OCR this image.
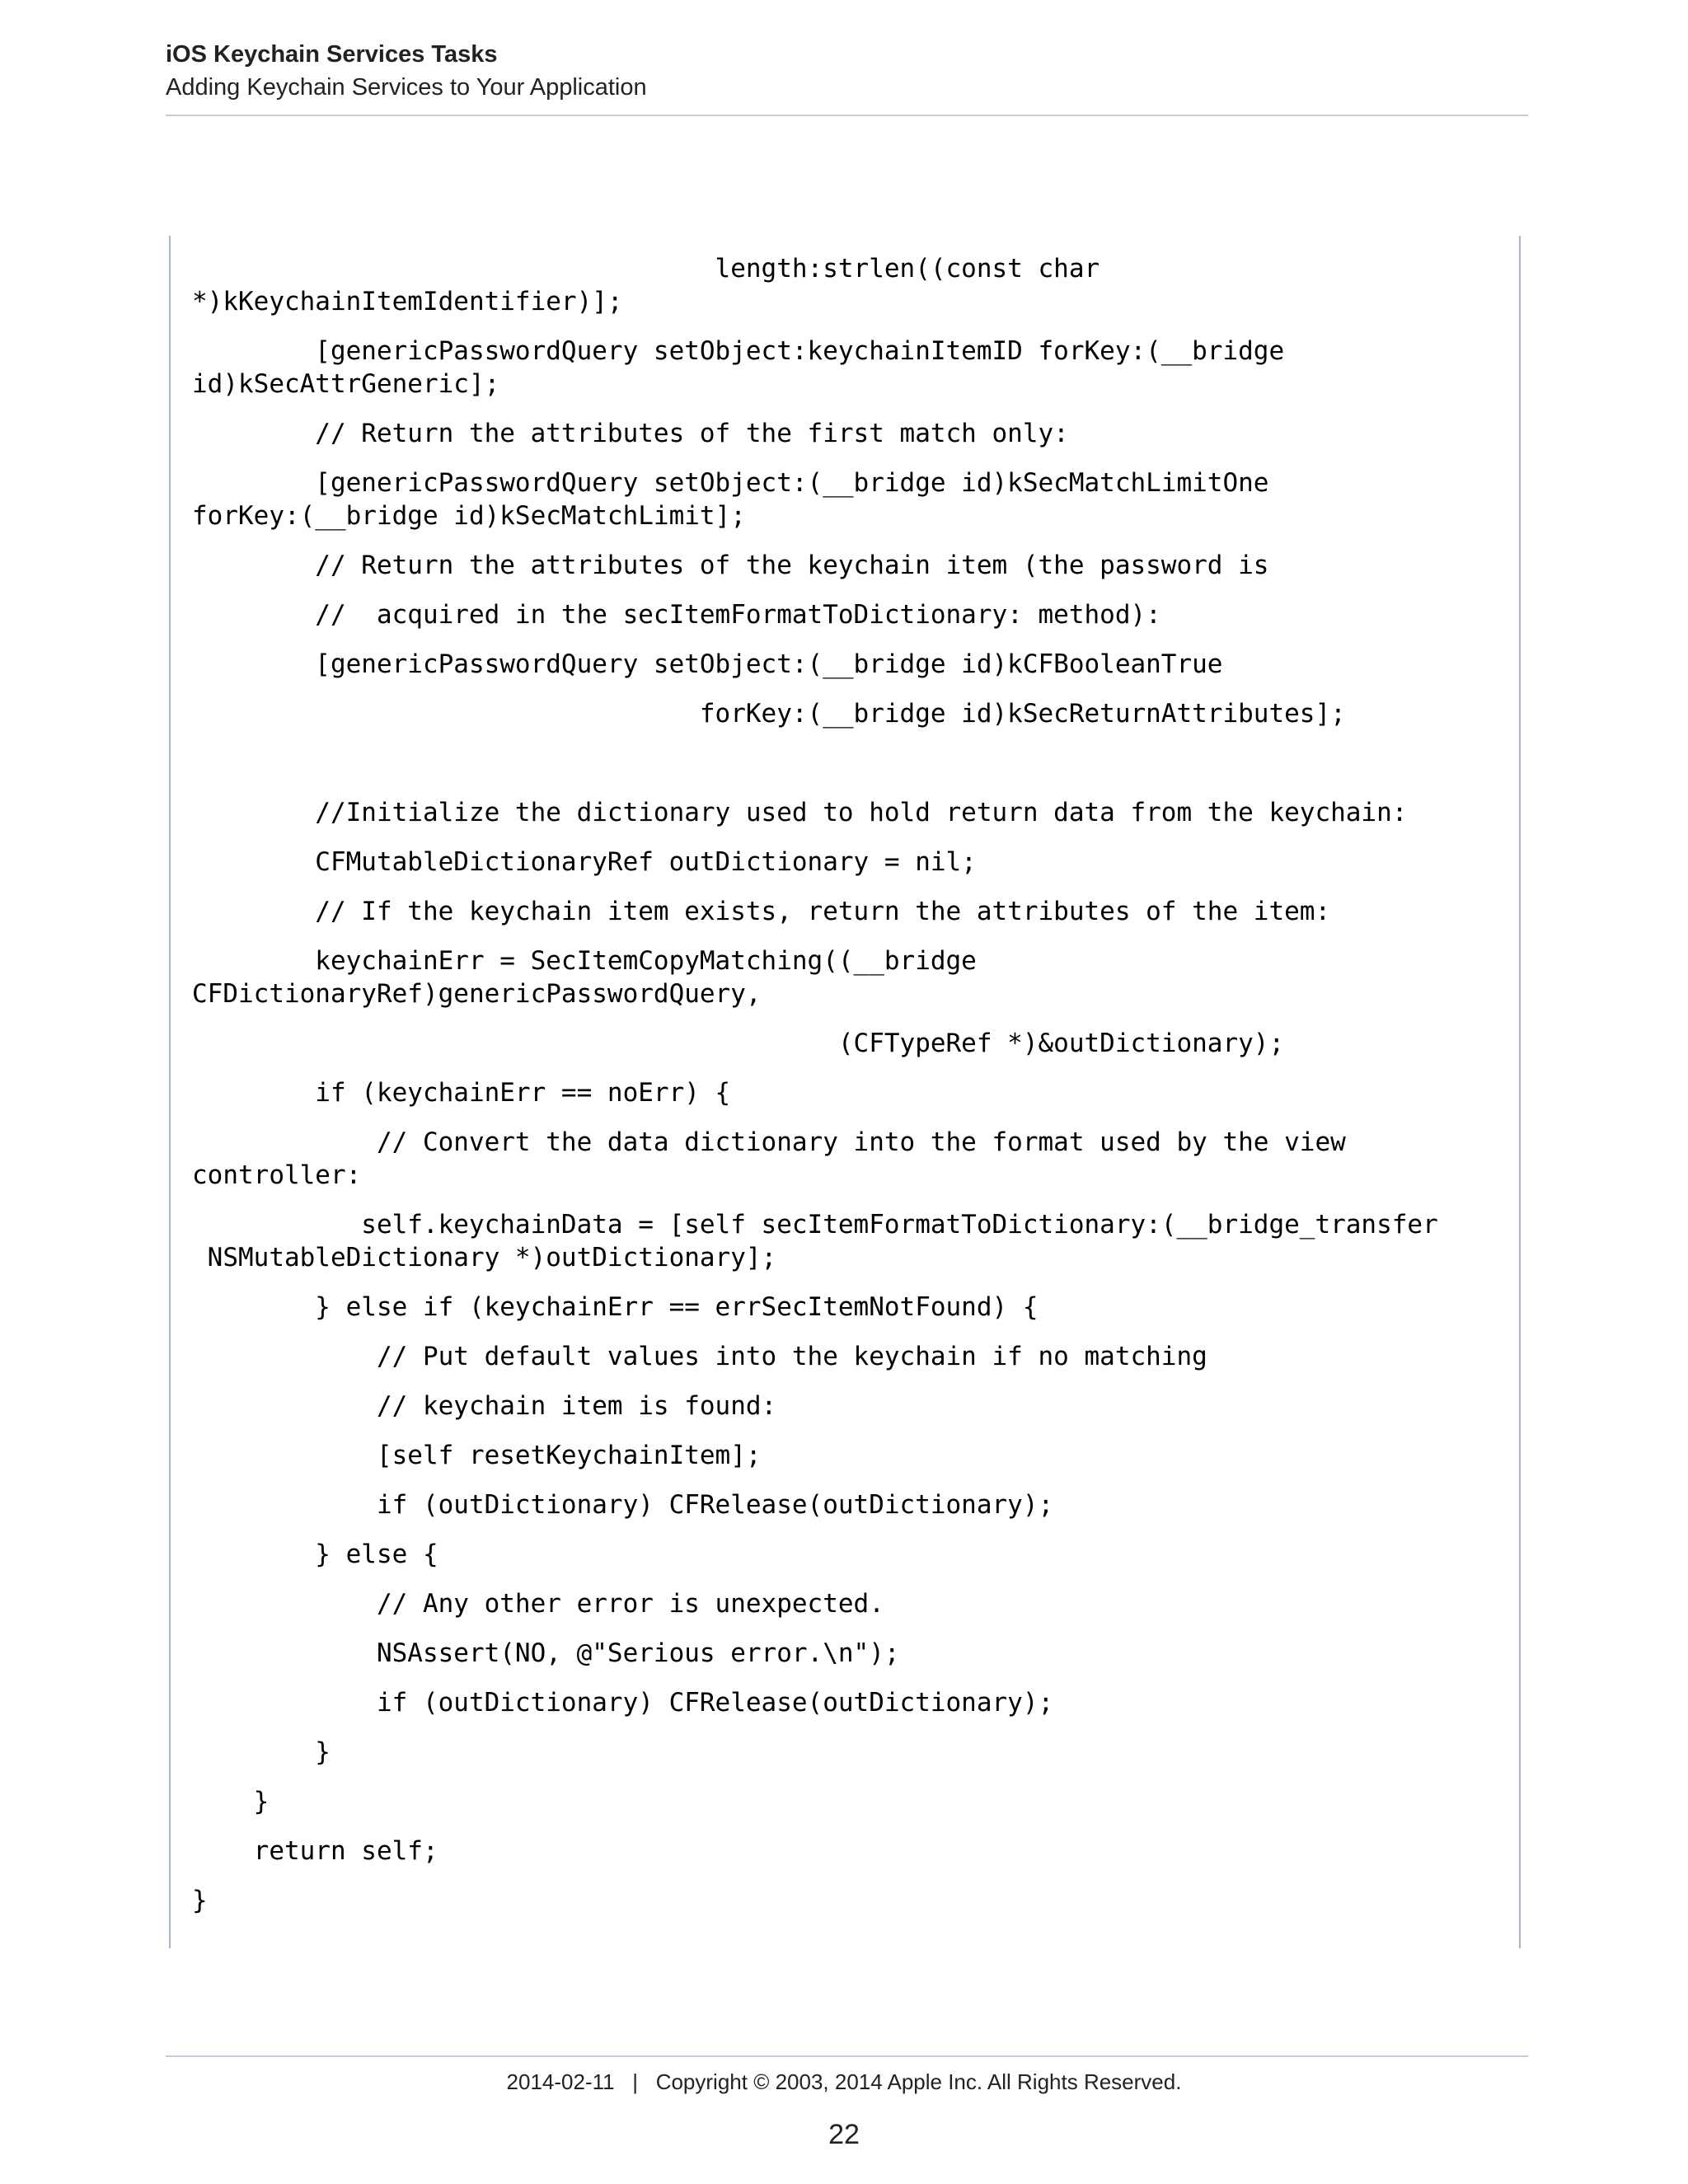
iOS Keychain Services Tasks
Adding Keychain Services to Your Application
length:strlen((const char
*)kKeychainItemIdentifier)];
[genericPasswordQuery setObject:keychainItemID forKey:(__bridge
id)kSecAttrGeneric];
// Return the attributes of the first match only:
[genericPasswordQuery setObject:(__bridge id)kSecMatchLimitOne
forKey:(__bridge id)kSecMatchLimit];
// Return the attributes of the keychain item (the password is
//  acquired in the secItemFormatToDictionary: method):
[genericPasswordQuery setObject:(__bridge id)kCFBooleanTrue
forKey:(__bridge id)kSecReturnAttributes];
//Initialize the dictionary used to hold return data from the keychain:
CFMutableDictionaryRef outDictionary = nil;
// If the keychain item exists, return the attributes of the item:
keychainErr = SecItemCopyMatching((__bridge
CFDictionaryRef)genericPasswordQuery,
(CFTypeRef *)&outDictionary);
if (keychainErr == noErr) {
// Convert the data dictionary into the format used by the view
controller:
self.keychainData = [self secItemFormatToDictionary:(__bridge_transfer
NSMutableDictionary *)outDictionary];
} else if (keychainErr == errSecItemNotFound) {
// Put default values into the keychain if no matching
// keychain item is found:
[self resetKeychainItem];
if (outDictionary) CFRelease(outDictionary);
} else {
// Any other error is unexpected.
NSAssert(NO, @"Serious error.\n");
if (outDictionary) CFRelease(outDictionary);
}
}
return self;
}
2014-02-11   |   Copyright © 2003, 2014 Apple Inc. All Rights Reserved.
22
